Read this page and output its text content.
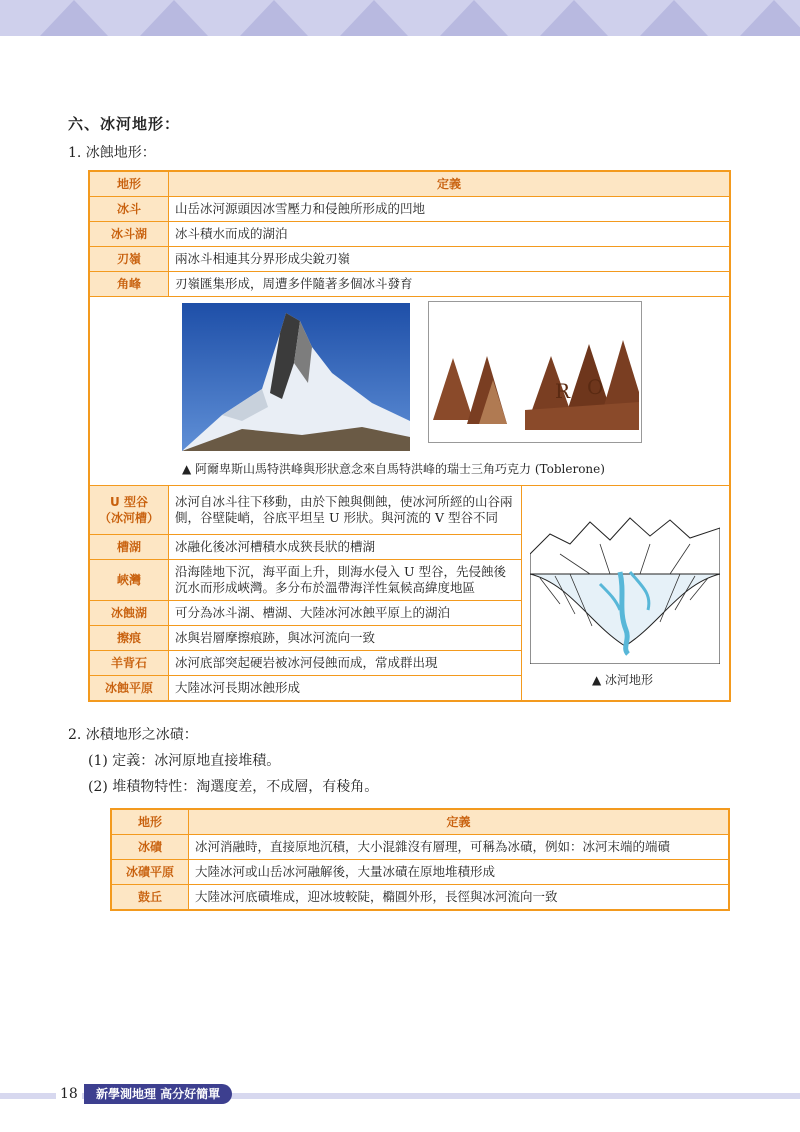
六、冰河地形：
1. 冰蝕地形：
地形	定義	
冰斗	山岳冰河源頭因冰雪壓力和侵蝕所形成的凹地	
冰斗湖	冰斗積水而成的湖泊	
刃嶺	兩冰斗相連其分界形成尖銳刃嶺	
角峰	刃嶺匯集形成，周遭多伴隨著多個冰斗發育	

R O
▲ 阿爾卑斯山馬特洪峰與形狀意念來自馬特洪峰的瑞士三角巧克力 (Toblerone)		

U 型谷
（冰河槽）	冰河自冰斗往下移動，由於下蝕與側蝕，使冰河所經的山谷兩側，谷壁陡峭，谷底平坦呈 U 形狀。與河流的 V 型谷不同	▲ 冰河地形

槽湖	冰融化後冰河槽積水成狹長狀的槽湖	
峽灣	沿海陸地下沉，海平面上升，則海水侵入 U 型谷，先侵蝕後沉水而形成峽灣。多分布於溫帶海洋性氣候高緯度地區	
冰蝕湖	可分為冰斗湖、槽湖、大陸冰河冰蝕平原上的湖泊	
擦痕	冰與岩層摩擦痕跡，與冰河流向一致	
羊背石	冰河底部突起硬岩被冰河侵蝕而成，常成群出現	
冰蝕平原	大陸冰河長期冰蝕形成	
2. 冰積地形之冰磧：
(1) 定義：冰河原地直接堆積。
(2) 堆積物特性：淘選度差，不成層，有稜角。
地形	定義
冰磧	冰河消融時，直接原地沉積，大小混雜沒有層理，可稱為冰磧，例如：冰河末端的端磧
冰磧平原	大陸冰河或山岳冰河融解後，大量冰磧在原地堆積形成
鼓丘	大陸冰河底磧堆成，迎冰坡較陡，橢圓外形，長徑與冰河流向一致
18	新學測地理 高分好簡單
